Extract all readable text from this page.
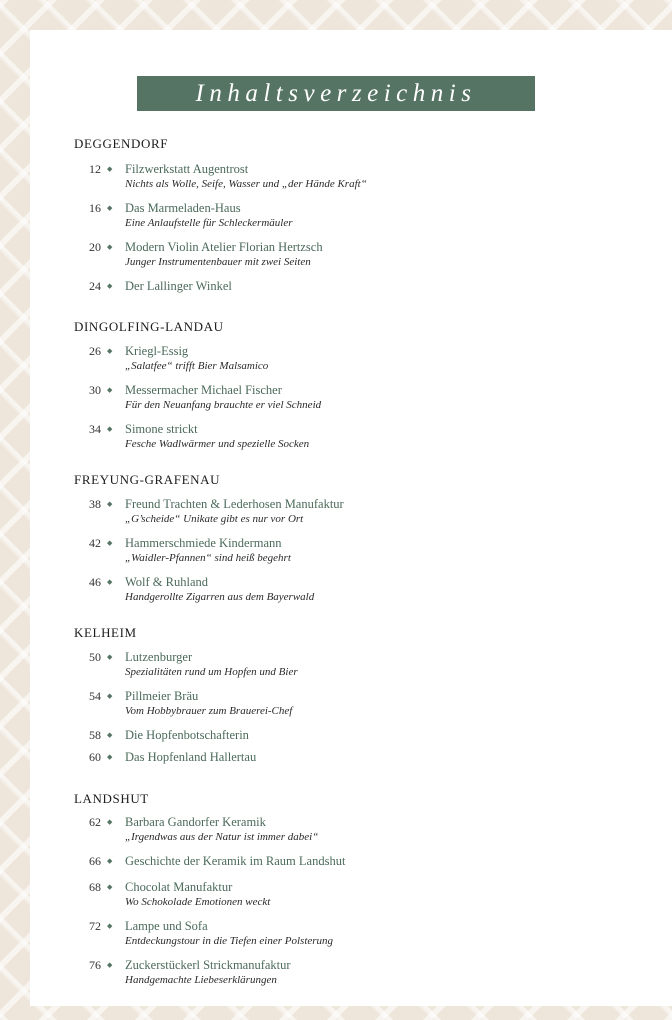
Inhaltsverzeichnis
DEGGENDORF
12 ◆ Filzwerkstatt Augentrost
Nichts als Wolle, Seife, Wasser und „der Hände Kraft“
16 ◆ Das Marmeladen-Haus
Eine Anlaufstelle für Schleckermäuler
20 ◆ Modern Violin Atelier Florian Hertzsch
Junger Instrumentenbauer mit zwei Seiten
24 ◆ Der Lallinger Winkel
DINGOLFING-LANDAU
26 ◆ Kriegl-Essig
„Salatfee“ trifft Bier Malsamico
30 ◆ Messermacher Michael Fischer
Für den Neuanfang brauchte er viel Schneid
34 ◆ Simone strickt
Fesche Wadlwärmer und spezielle Socken
FREYUNG-GRAFENAU
38 ◆ Freund Trachten & Lederhosen Manufaktur
„G’scheide“ Unikate gibt es nur vor Ort
42 ◆ Hammerschmiede Kindermann
„Waidler-Pfannen“ sind heiß begehrt
46 ◆ Wolf & Ruhland
Handgerollte Zigarren aus dem Bayerwald
KELHEIM
50 ◆ Lutzenburger
Spezialitäten rund um Hopfen und Bier
54 ◆ Pillmeier Bräu
Vom Hobbybrauer zum Brauerei-Chef
58 ◆ Die Hopfenbotschafterin
60 ◆ Das Hopfenland Hallertau
LANDSHUT
62 ◆ Barbara Gandorfer Keramik
„Irgendwas aus der Natur ist immer dabei“
66 ◆ Geschichte der Keramik im Raum Landshut
68 ◆ Chocolat Manufaktur
Wo Schokolade Emotionen weckt
72 ◆ Lampe und Sofa
Entdeckungstour in die Tiefen einer Polsterung
76 ◆ Zuckerstückerl Strickmanufaktur
Handgemachte Liebeserklärungen
